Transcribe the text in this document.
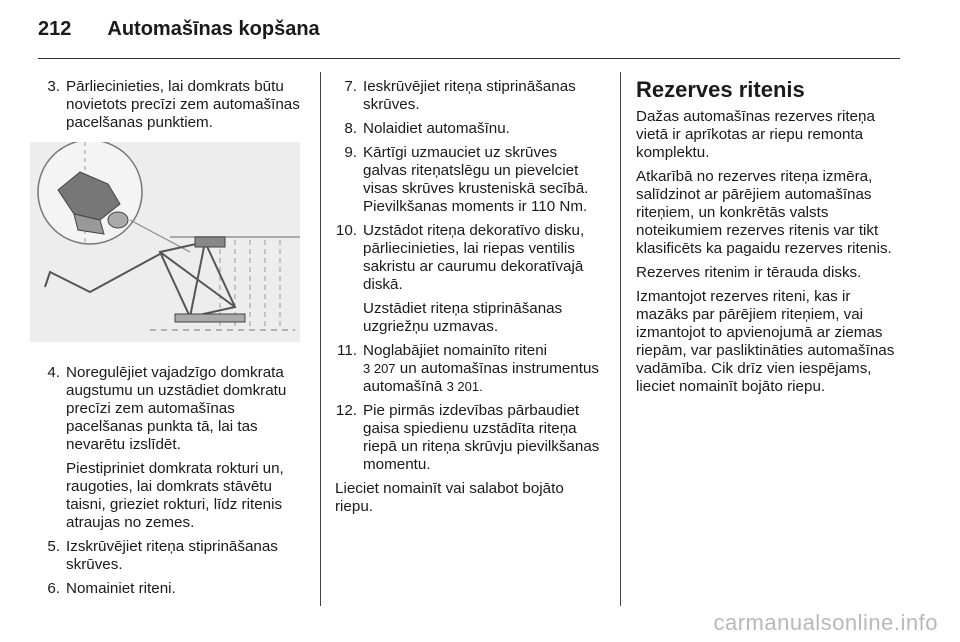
212 Automašīnas kopšana
3. Pārliecinieties, lai domkrats būtu novietots precīzi zem automašīnas pacelšanas punktiem.

4. Noregulējiet vajadzīgo domkrata augstumu un uzstādiet domkratu precīzi zem automašīnas pacelšanas punkta tā, lai tas nevarētu izslīdēt.

Piestipriniet domkrata rokturi un, raugoties, lai domkrats stāvētu taisni, grieziet rokturi, līdz ritenis atraujas no zemes.

5. Izskrūvējiet riteņa stiprināšanas skrūves.

6. Nomainiet riteni.

7. Ieskrūvējiet riteņa stiprināšanas skrūves.

8. Nolaidiet automašīnu.

9. Kārtīgi uzmauciet uz skrūves galvas riteņatslēgu un pievelciet visas skrūves krusteniskā secībā. Pievilkšanas moments ir 110 Nm.

10. Uzstādot riteņa dekoratīvo disku, pārliecinieties, lai riepas ventilis sakristu ar caurumu dekoratīvajā diskā.

Uzstādiet riteņa stiprināšanas uzgriežņu uzmavas.

11. Noglabājiet nomainīto riteni
3 207 un automašīnas instrumentus automašīnā 3 201.

12. Pie pirmās izdevības pārbaudiet gaisa spiedienu uzstādīta riteņa riepā un riteņa skrūvju pievilkšanas momentu.

Lieciet nomainīt vai salabot bojāto riepu.

Rezerves ritenis

Dažas automašīnas rezerves riteņa vietā ir aprīkotas ar riepu remonta komplektu.

Atkarībā no rezerves riteņa izmēra, salīdzinot ar pārējiem automašīnas riteņiem, un konkrētās valsts noteikumiem rezerves ritenis var tikt klasificēts ka pagaidu rezerves ritenis.

Rezerves ritenim ir tērauda disks.

Izmantojot rezerves riteni, kas ir mazāks par pārējiem riteņiem, vai izmantojot to apvienojumā ar ziemas riepām, var pasliktināties automašīnas vadāmība. Cik drīz vien iespējams, lieciet nomainīt bojāto riepu.

carmanualsonline.info
